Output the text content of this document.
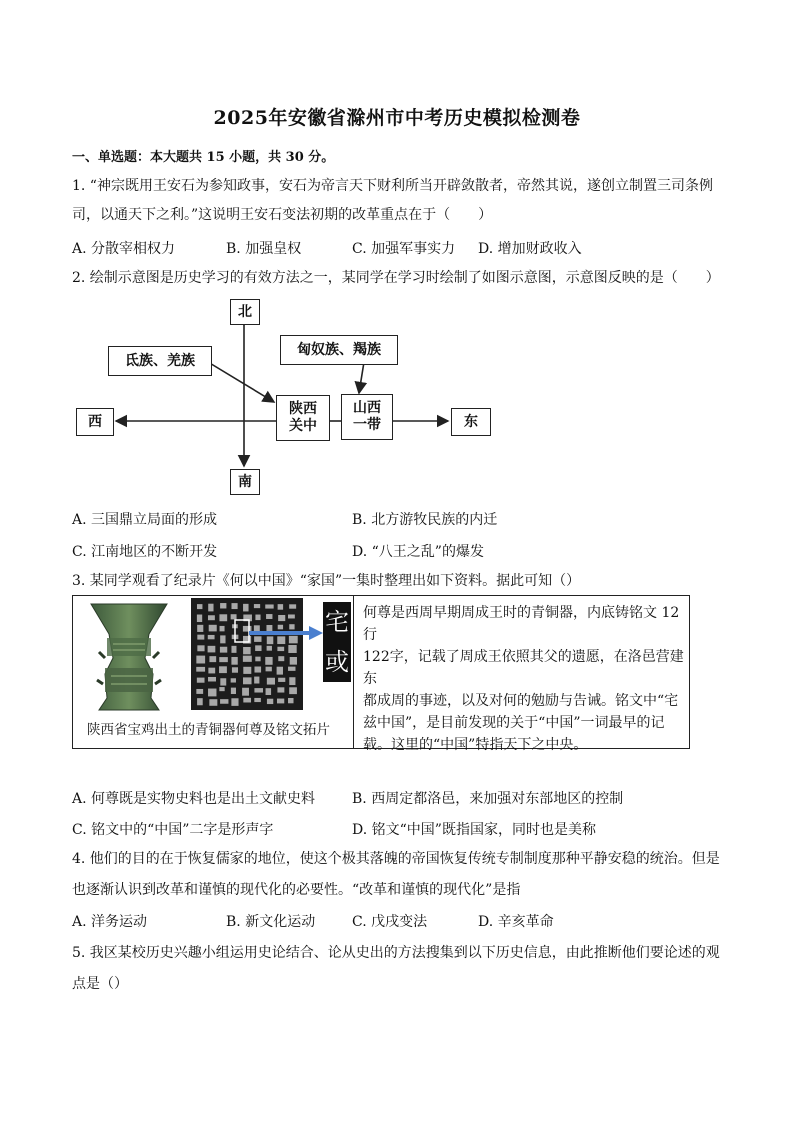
2025年安徽省滁州市中考历史模拟检测卷
一、单选题：本大题共 15 小题，共 30 分。
1. “神宗既用王安石为参知政事，安石为帝言天下财利所当开辟敛散者，帝然其说，遂创立制置三司条例
司，以通天下之利。”这说明王安石变法初期的改革重点在于（　　）
A. 分散宰相权力	B. 加强皇权	C. 加强军事实力 D. 增加财政收入
2. 绘制示意图是历史学习的有效方法之一，某同学在学习时绘制了如图示意图，示意图反映的是（　　）
北
南
西	东
氐族、羌族
匈奴族、羯族
陕西
关中
山西
一带
A. 三国鼎立局面的形成	B. 北方游牧民族的内迁
C. 江南地区的不断开发	D. “八王之乱”的爆发
3. 某同学观看了纪录片《何以中国》“家国”一集时整理出如下资料。据此可知（）
宅
或
陕西省宝鸡出土的青铜器何尊及铭文拓片
何尊是西周早期周成王时的青铜器，内底铸铭文 12 行
122字，记载了周成王依照其父的遗愿，在洛邑营建东
都成周的事迹，以及对何的勉励与告诫。铭文中“宅
兹中国”，是目前发现的关于“中国”一词最早的记
载。这里的“中国”特指天下之中央。
A. 何尊既是实物史料也是出土文献史料	B. 西周定都洛邑，来加强对东部地区的控制
C. 铭文中的“中国”二字是形声字	D. 铭文“中国”既指国家，同时也是美称
4. 他们的目的在于恢复儒家的地位，使这个极其落魄的帝国恢复传统专制制度那种平静安稳的统治。但是
也逐渐认识到改革和谨慎的现代化的必要性。“改革和谨慎的现代化”是指
A. 洋务运动	B. 新文化运动	C. 戊戌变法	D. 辛亥革命
5. 我区某校历史兴趣小组运用史论结合、论从史出的方法搜集到以下历史信息，由此推断他们要论述的观
点是（）
